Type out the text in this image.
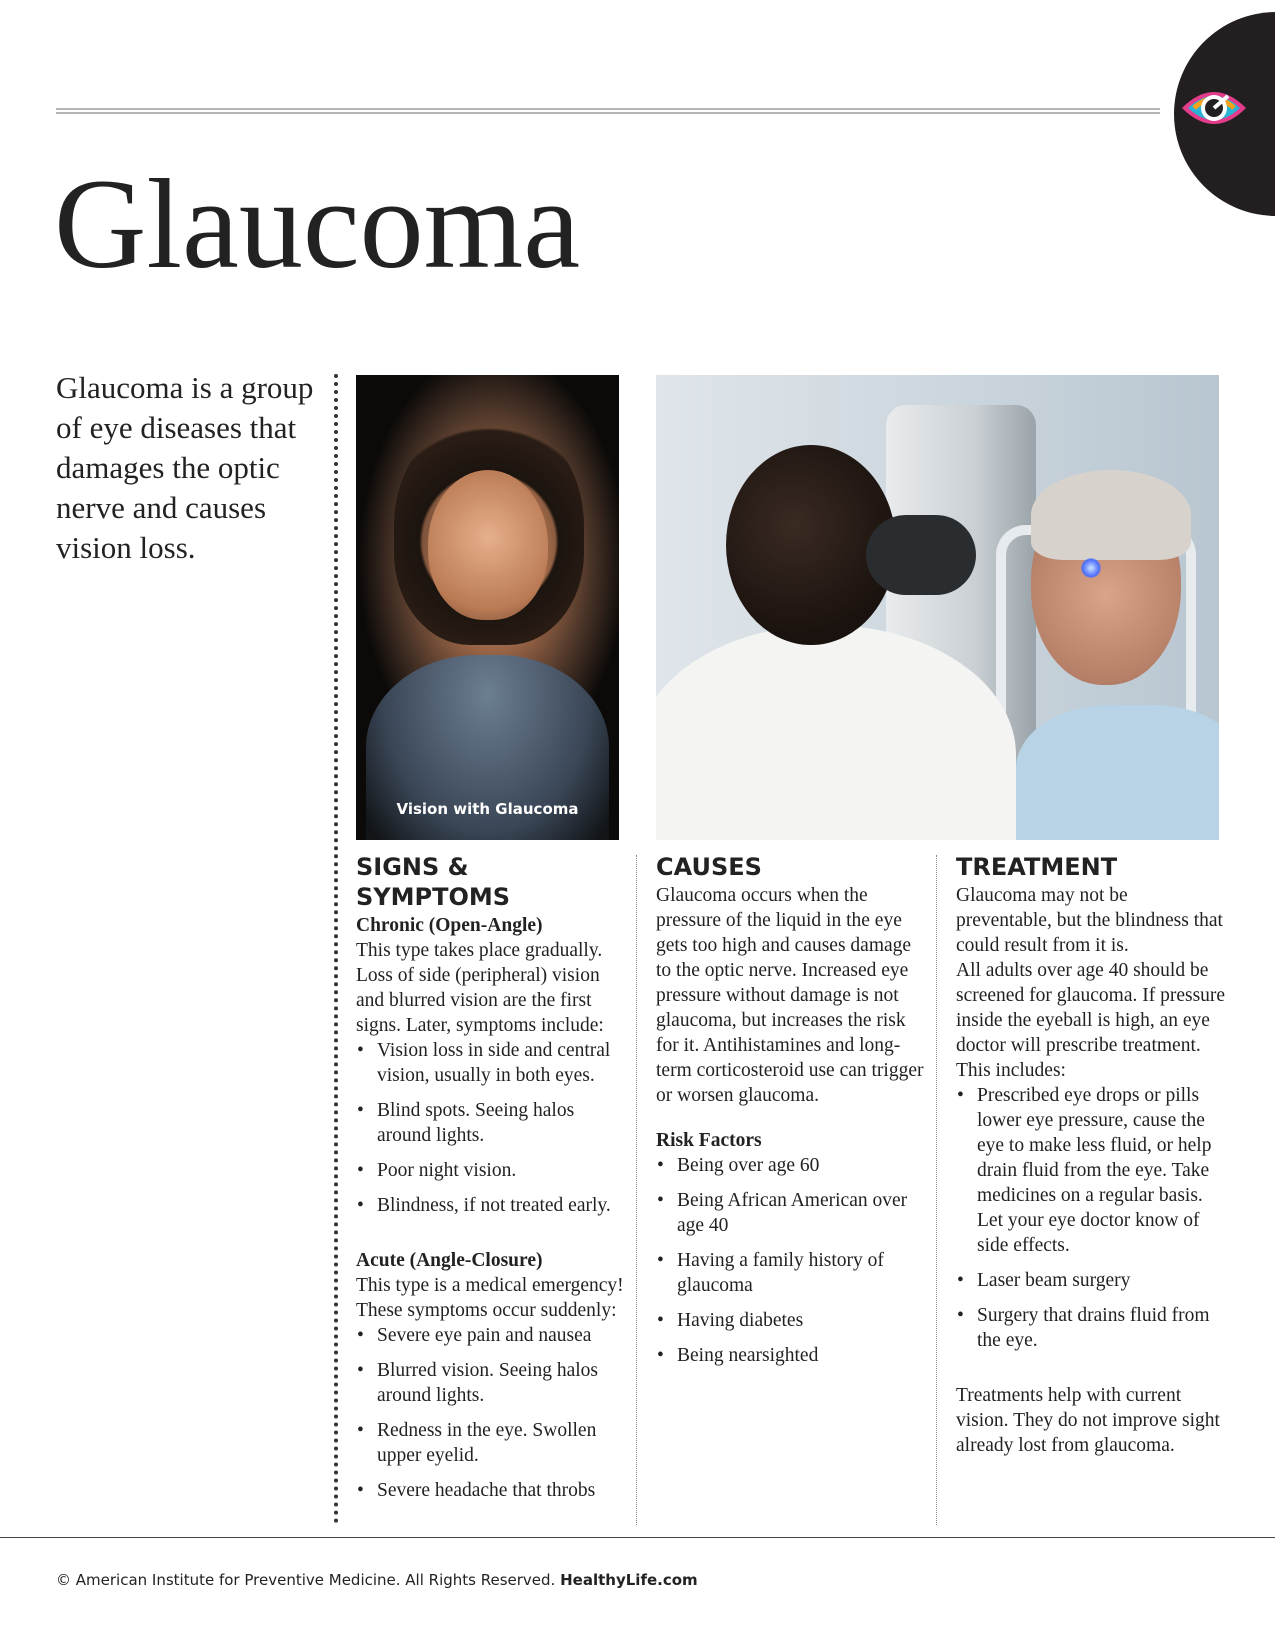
Glaucoma

Glaucoma is a group of eye diseases that damages the optic nerve and causes vision loss.

Vision with Glaucoma
SIGNS & SYMPTOMS
Chronic (Open-Angle)

This type takes place gradually. Loss of side (peripheral) vision and blurred vision are the first signs. Later, symptoms include:

• Vision loss in side and central vision, usually in both eyes.
• Blind spots. Seeing halos around lights.
• Poor night vision.
• Blindness, if not treated early.
Acute (Angle-Closure)

This type is a medical emergency! These symptoms occur suddenly:

• Severe eye pain and nausea
• Blurred vision. Seeing halos around lights.
• Redness in the eye. Swollen upper eyelid.
• Severe headache that throbs
CAUSES

Glaucoma occurs when the pressure of the liquid in the eye gets too high and causes damage to the optic nerve. Increased eye pressure without damage is not glaucoma, but increases the risk for it. Antihistamines and long-term corticosteroid use can trigger or worsen glaucoma.

Risk Factors
• Being over age 60
• Being African American over age 40
• Having a family history of glaucoma
• Having diabetes
• Being nearsighted
TREATMENT

Glaucoma may not be preventable, but the blindness that could result from it is.

All adults over age 40 should be screened for glaucoma. If pressure inside the eyeball is high, an eye doctor will prescribe treatment. This includes:

• Prescribed eye drops or pills lower eye pressure, cause the eye to make less fluid, or help drain fluid from the eye. Take medicines on a regular basis. Let your eye doctor know of side effects.
• Laser beam surgery
• Surgery that drains fluid from the eye.

Treatments help with current vision. They do not improve sight already lost from glaucoma.

© American Institute for Preventive Medicine. All Rights Reserved. HealthyLife.com
